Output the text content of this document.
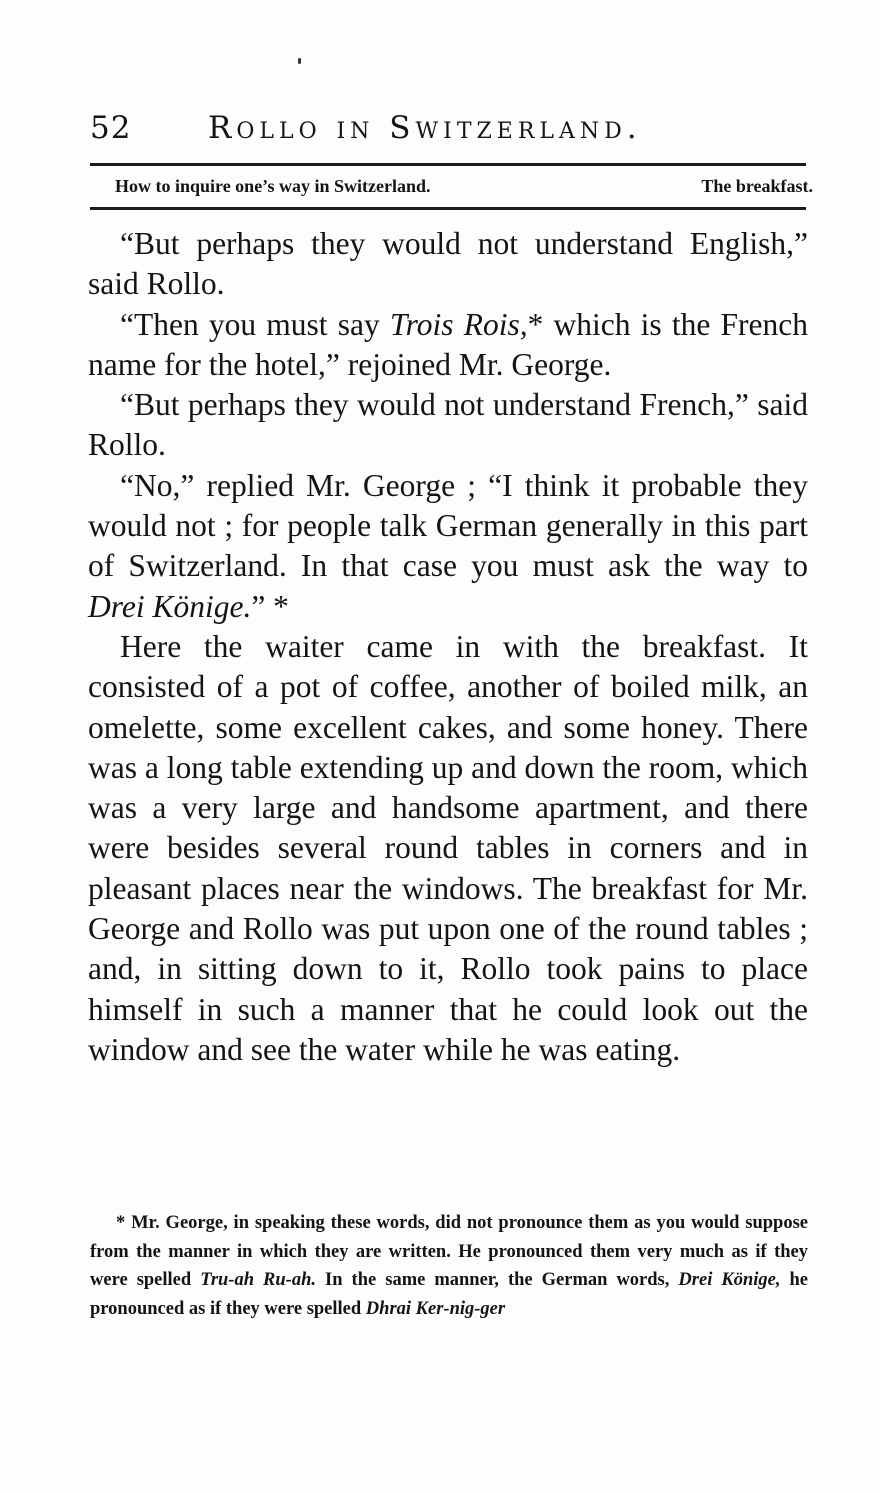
52 Rollo in Switzerland.
How to inquire one’s way in Switzerland.	The breakfast.

“But perhaps they would not understand English,” said Rollo.

“Then you must say Trois Rois,* which is the French name for the hotel,” rejoined Mr. George.

“But perhaps they would not understand French,” said Rollo.

“No,” replied Mr. George ; “I think it probable they would not ; for people talk German generally in this part of Switzerland. In that case you must ask the way to Drei Könige.” *

Here the waiter came in with the breakfast. It consisted of a pot of coffee, another of boiled milk, an omelette, some excellent cakes, and some honey. There was a long table extending up and down the room, which was a very large and handsome apartment, and there were besides several round tables in corners and in pleasant places near the windows. The breakfast for Mr. George and Rollo was put upon one of the round tables ; and, in sitting down to it, Rollo took pains to place himself in such a manner that he could look out the window and see the water while he was eating.

* Mr. George, in speaking these words, did not pronounce them as you would suppose from the manner in which they are written. He pronounced them very much as if they were spelled Tru-ah Ru-ah. In the same manner, the German words, Drei Könige, he pronounced as if they were spelled Dhrai Ker-nig-ger
